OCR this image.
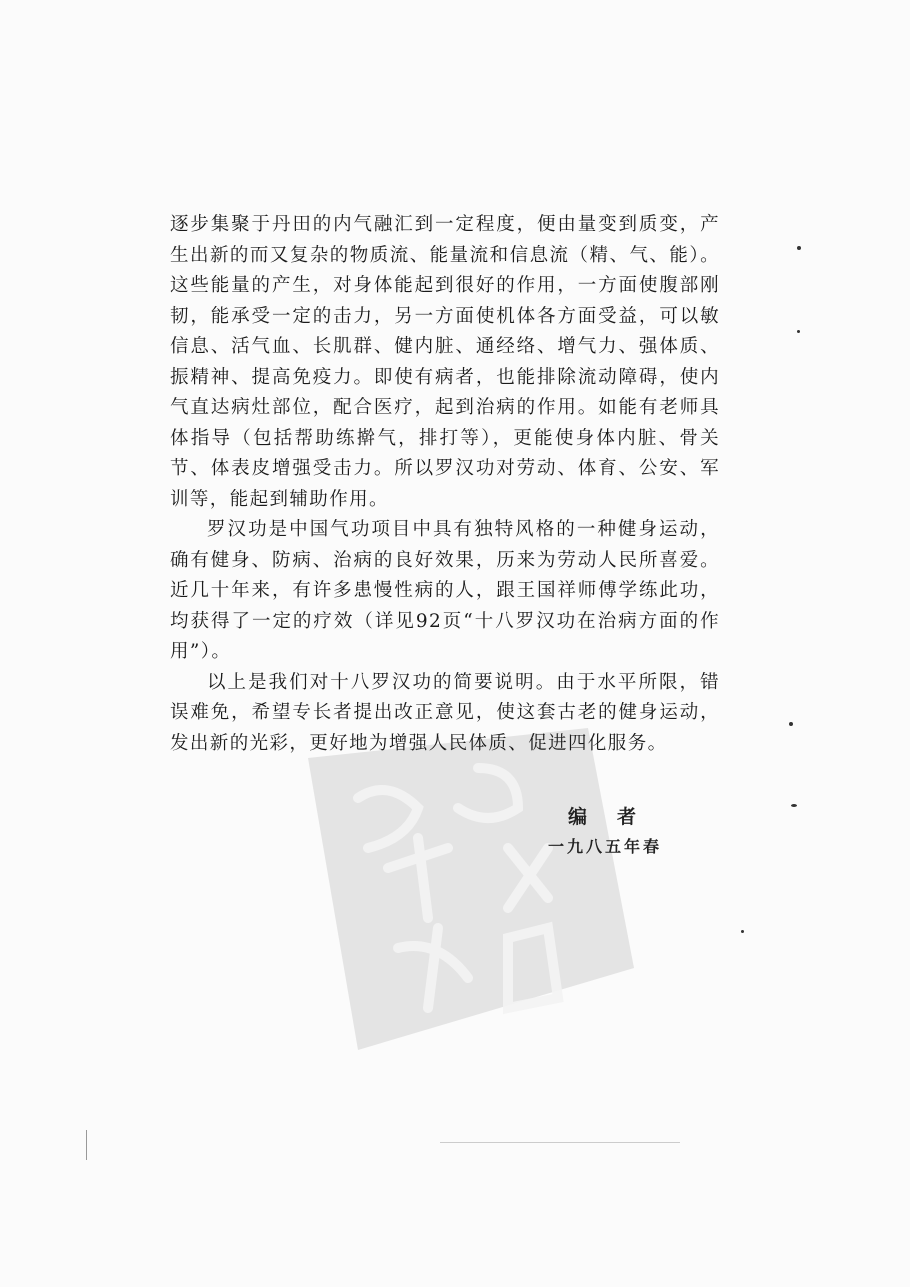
逐步集聚于丹田的内气融汇到一定程度，便由量变到质变，产生出新的而又复杂的物质流、能量流和信息流（精、气、能）。这些能量的产生，对身体能起到很好的作用，一方面使腹部刚韧，能承受一定的击力，另一方面使机体各方面受益，可以敏信息、活气血、长肌群、健内脏、通经络、增气力、强体质、振精神、提高免疫力。即使有病者，也能排除流动障碍，使内气直达病灶部位，配合医疗，起到治病的作用。如能有老师具体指导（包括帮助练擀气，排打等），更能使身体内脏、骨关节、体表皮增强受击力。所以罗汉功对劳动、体育、公安、军训等，能起到辅助作用。

罗汉功是中国气功项目中具有独特风格的一种健身运动，确有健身、防病、治病的良好效果，历来为劳动人民所喜爱。近几十年来，有许多患慢性病的人，跟王国祥师傅学练此功，均获得了一定的疗效（详见92页“十八罗汉功在治病方面的作用”）。

以上是我们对十八罗汉功的简要说明。由于水平所限，错误难免，希望专长者提出改正意见，使这套古老的健身运动，发出新的光彩，更好地为增强人民体质、促进四化服务。

编者
一九八五年春
